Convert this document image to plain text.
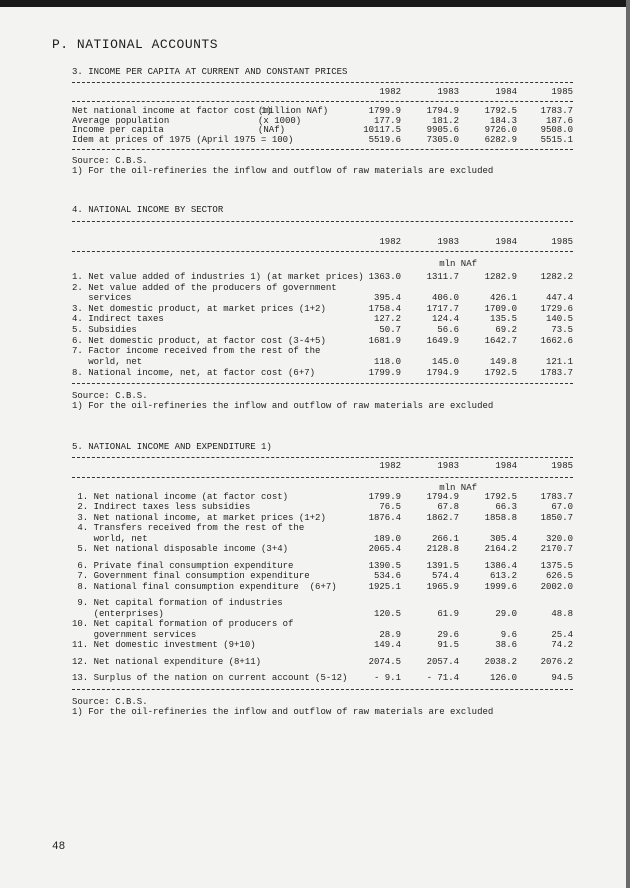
P. NATIONAL ACCOUNTS
3. INCOME PER CAPITA AT CURRENT AND CONSTANT PRICES
1982	1983	1984	1985
Net national income at factor cost 1)
(million NAf)	1799.9	1794.9	1792.5	1783.7
Average population	(x 1000)	177.9	181.2	184.3	187.6
Income per capita	(NAf)	10117.5	9905.6	9726.0	9508.0
Idem at prices of 1975 (April 1975 = 100)	5519.6	7305.0	6282.9	5515.1
Source: C.B.S.
1) For the oil-refineries the inflow and outflow of raw materials are excluded
4. NATIONAL INCOME BY SECTOR
1982	1983	1984	1985
mln NAf
1. Net value added of industries 1) (at market prices) 1363.0	1311.7	1282.9	1282.2
2. Net value added of the producers of government
services	395.4	406.0	426.1	447.4
3. Net domestic product, at market prices (1+2)	1758.4	1717.7	1709.0	1729.6
4. Indirect taxes	127.2	124.4	135.5	140.5
5. Subsidies	50.7	56.6	69.2	73.5
6. Net domestic product, at factor cost (3-4+5)	1681.9	1649.9	1642.7	1662.6
7. Factor income received from the rest of the
world, net	118.0	145.0	149.8	121.1
8. National income, net, at factor cost (6+7)	1799.9	1794.9	1792.5	1783.7
Source: C.B.S.
1) For the oil-refineries the inflow and outflow of raw materials are excluded
5. NATIONAL INCOME AND EXPENDITURE 1)
1982	1983	1984	1985
mln NAf
1. Net national income (at factor cost)	1799.9	1794.9	1792.5	1783.7
2. Indirect taxes less subsidies	76.5	67.8	66.3	67.0
3. Net national income, at market prices (1+2)	1876.4	1862.7	1858.8	1850.7
4. Transfers received from the rest of the
world, net	189.0	266.1	305.4	320.0
5. Net national disposable income (3+4)	2065.4	2128.8	2164.2	2170.7
6. Private final consumption expenditure	1390.5	1391.5	1386.4	1375.5
7. Government final consumption expenditure	534.6	574.4	613.2	626.5
8. National final consumption expenditure  (6+7)	1925.1	1965.9	1999.6	2002.0
9. Net capital formation of industries
(enterprises)	120.5	61.9	29.0	48.8
10. Net capital formation of producers of
government services	28.9	29.6	9.6	25.4
11. Net domestic investment (9+10)	149.4	91.5	38.6	74.2
12. Net national expenditure (8+11)	2074.5	2057.4	2038.2	2076.2
13. Surplus of the nation on current account (5-12)	- 9.1	- 71.4	126.0	94.5
Source: C.B.S.
1) For the oil-refineries the inflow and outflow of raw materials are excluded
48
